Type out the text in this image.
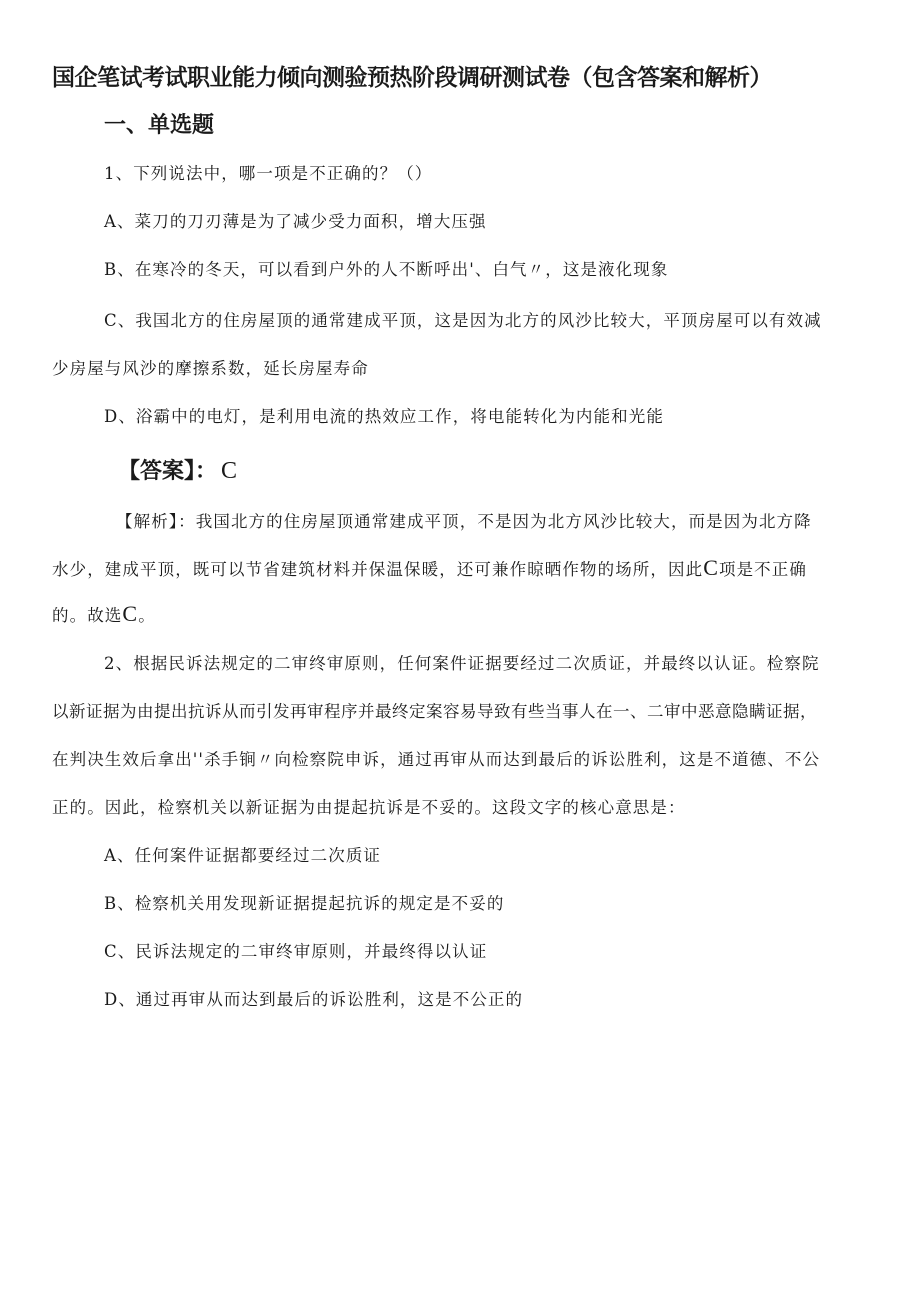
国企笔试考试职业能力倾向测验预热阶段调研测试卷（包含答案和解析）
一、单选题
1、下列说法中，哪一项是不正确的？（）
A、菜刀的刀刃薄是为了减少受力面积，增大压强
B、在寒冷的冬天，可以看到户外的人不断呼出'、白气〃，这是液化现象
C、我国北方的住房屋顶的通常建成平顶，这是因为北方的风沙比较大，平顶房屋可以有效减
少房屋与风沙的摩擦系数，延长房屋寿命
D、浴霸中的电灯，是利用电流的热效应工作，将电能转化为内能和光能
【答案】： C
【解析】：我国北方的住房屋顶通常建成平顶，不是因为北方风沙比较大，而是因为北方降
水少，建成平顶，既可以节省建筑材料并保温保暖，还可兼作晾晒作物的场所，因此C项是不正确
的。故选C。
2、根据民诉法规定的二审终审原则，任何案件证据要经过二次质证，并最终以认证。检察院
以新证据为由提出抗诉从而引发再审程序并最终定案容易导致有些当事人在一、二审中恶意隐瞒证据，
在判决生效后拿出''杀手锏〃向检察院申诉，通过再审从而达到最后的诉讼胜利，这是不道德、不公
正的。因此，检察机关以新证据为由提起抗诉是不妥的。这段文字的核心意思是：
A、任何案件证据都要经过二次质证
B、检察机关用发现新证据提起抗诉的规定是不妥的
C、民诉法规定的二审终审原则，并最终得以认证
D、通过再审从而达到最后的诉讼胜利，这是不公正的
